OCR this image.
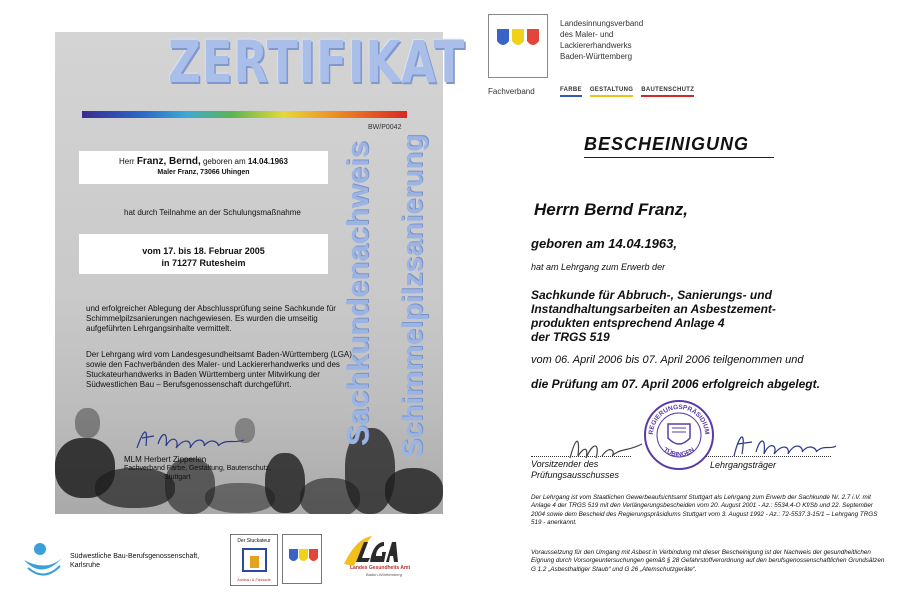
ZERTIFIKAT
BW/P0042
Sachkundenachweis Schimmelpilzsanierung
Herr Franz, Bernd, geboren am 14.04.1963
Maler Franz, 73066 Uhingen
hat durch Teilnahme an der Schulungsmaßnahme
vom 17. bis 18. Februar 2005
in 71277 Rutesheim
und erfolgreicher Ablegung der Abschlussprüfung seine Sachkunde für Schimmelpilzsanierungen nachgewiesen. Es wurden die umseitig aufgeführten Lehrgangsinhalte vermittelt.
Der Lehrgang wird vom Landesgesundheitsamt Baden-Württemberg (LGA) sowie den Fachverbänden des Maler- und Lackiererhandwerks und des Stuckateurhandwerks in Baden Württemberg unter Mitwirkung der Südwestlichen Bau – Berufsgenossenschaft durchgeführt.
MLM Herbert Zipperlen
Fachverband Farbe, Gestaltung, Bautenschutz,
Stuttgart
Südwestliche Bau-Berufsgenossenschaft,
Karlsruhe
Der Stuckateur
Ausbau & Fassade
Landes Gesundheits Amt
Baden-Württemberg
Landesinnungsverband
des Maler- und
Lackiererhandwerks
Baden-Württemberg
Fachverband	FARBE GESTALTUNG BAUTENSCHUTZ
BESCHEINIGUNG
Herrn Bernd Franz,
geboren am 14.04.1963,
hat am Lehrgang zum Erwerb der
Sachkunde für Abbruch-, Sanierungs- und
Instandhaltungsarbeiten an Asbestzement-
produkten entsprechend Anlage 4
der TRGS 519
vom 06. April 2006 bis 07. April 2006 teilgenommen und
die Prüfung am 07. April 2006 erfolgreich abgelegt.
REGIERUNGSPRÄSIDIUM
TÜBINGEN
Vorsitzender des
Prüfungsausschusses
Lehrgangsträger
Der Lehrgang ist vom Staatlichen Gewerbeaufsichtsamt Stuttgart als Lehrgang zum Erwerb der Sachkunde Nr. 2.7 i.V. mit Anlage 4 der TRGS 519 mit den Verlängerungsbescheiden vom 20. August 2001 - Az.: 5534.4-O Kf/Sb und 22. September 2004 sowie dem Bescheid des Regierungspräsidiums Stuttgart vom 3. August 1992 - Az.: 72-5537.3-15/1 – Lehrgang TRGS 519 - anerkannt.
Voraussetzung für den Umgang mit Asbest in Verbindung mit dieser Bescheinigung ist der Nachweis der gesundheitlichen Eignung durch Vorsorgeuntersuchungen gemäß § 28 Gefahrstoffverordnung auf den berufsgenossenschaftlichen Grundsätzen G 1.2 „Asbesthaltiger Staub“ und G 26 „Atemschutzgeräte“.
